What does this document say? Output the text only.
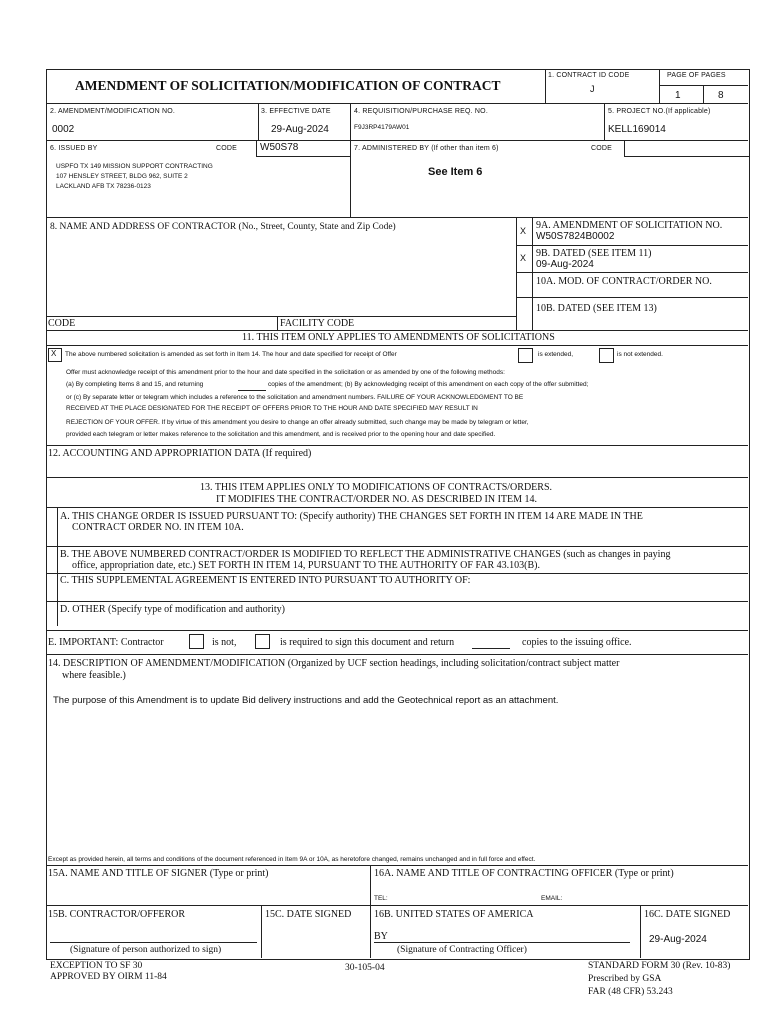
AMENDMENT OF SOLICITATION/MODIFICATION OF CONTRACT
1. CONTRACT ID CODE
J
PAGE OF PAGES
1	8
2. AMENDMENT/MODIFICATION NO.
0002
3. EFFECTIVE DATE
29-Aug-2024
4. REQUISITION/PURCHASE REQ. NO.
F9J3RP4179AW01
5. PROJECT NO.(If applicable)
KELL169014
6. ISSUED BY	CODE W50S78
USPFO TX 149 MISSION SUPPORT CONTRACTING
107 HENSLEY STREET, BLDG 962, SUITE 2
LACKLAND AFB TX 78236-0123
7. ADMINISTERED BY (If other than item 6)	CODE
See Item 6
8. NAME AND ADDRESS OF CONTRACTOR (No., Street, County, State and Zip Code)	X 9A. AMENDMENT OF SOLICITATION NO.
W50S7824B0002
X 9B. DATED (SEE ITEM 11)
09-Aug-2024
10A. MOD. OF CONTRACT/ORDER NO.
10B. DATED (SEE ITEM 13)
CODE	FACILITY CODE
11. THIS ITEM ONLY APPLIES TO AMENDMENTS OF SOLICITATIONS
X The above numbered solicitation is amended as set forth in Item 14. The hour and date specified for receipt of Offer	is extended,	is not extended.
Offer must acknowledge receipt of this amendment prior to the hour and date specified in the solicitation or as amended by one of the following methods:
(a) By completing Items 8 and 15, and returning	copies of the amendment; (b) By acknowledging receipt of this amendment on each copy of the offer submitted;
or (c) By separate letter or telegram which includes a reference to the solicitation and amendment numbers. FAILURE OF YOUR ACKNOWLEDGMENT TO BE
RECEIVED AT THE PLACE DESIGNATED FOR THE RECEIPT OF OFFERS PRIOR TO THE HOUR AND DATE SPECIFIED MAY RESULT IN
REJECTION OF YOUR OFFER. If by virtue of this amendment you desire to change an offer already submitted, such change may be made by telegram or letter,
provided each telegram or letter makes reference to the solicitation and this amendment, and is received prior to the opening hour and date specified.
12. ACCOUNTING AND APPROPRIATION DATA (If required)
13. THIS ITEM APPLIES ONLY TO MODIFICATIONS OF CONTRACTS/ORDERS.
IT MODIFIES THE CONTRACT/ORDER NO. AS DESCRIBED IN ITEM 14.
A. THIS CHANGE ORDER IS ISSUED PURSUANT TO: (Specify authority) THE CHANGES SET FORTH IN ITEM 14 ARE MADE IN THE
CONTRACT ORDER NO. IN ITEM 10A.
B. THE ABOVE NUMBERED CONTRACT/ORDER IS MODIFIED TO REFLECT THE ADMINISTRATIVE CHANGES (such as changes in paying
office, appropriation date, etc.) SET FORTH IN ITEM 14, PURSUANT TO THE AUTHORITY OF FAR 43.103(B).
C. THIS SUPPLEMENTAL AGREEMENT IS ENTERED INTO PURSUANT TO AUTHORITY OF:
D. OTHER (Specify type of modification and authority)
E. IMPORTANT: Contractor	is not,	is required to sign this document and return	copies to the issuing office.
14. DESCRIPTION OF AMENDMENT/MODIFICATION (Organized by UCF section headings, including solicitation/contract subject matter
where feasible.)
The purpose of this Amendment is to update Bid delivery instructions and add the Geotechnical report as an attachment.
Except as provided herein, all terms and conditions of the document referenced in Item 9A or 10A, as heretofore changed, remains unchanged and in full force and effect.
15A. NAME AND TITLE OF SIGNER (Type or print)	16A. NAME AND TITLE OF CONTRACTING OFFICER (Type or print)
TEL:	EMAIL:
15B. CONTRACTOR/OFFEROR	15C. DATE SIGNED 16B. UNITED STATES OF AMERICA	16C. DATE SIGNED
(Signature of person authorized to sign)
BY
(Signature of Contracting Officer)
29-Aug-2024
EXCEPTION TO SF 30
APPROVED BY OIRM 11-84
30-105-04	STANDARD FORM 30 (Rev. 10-83)
Prescribed by GSA
FAR (48 CFR) 53.243
